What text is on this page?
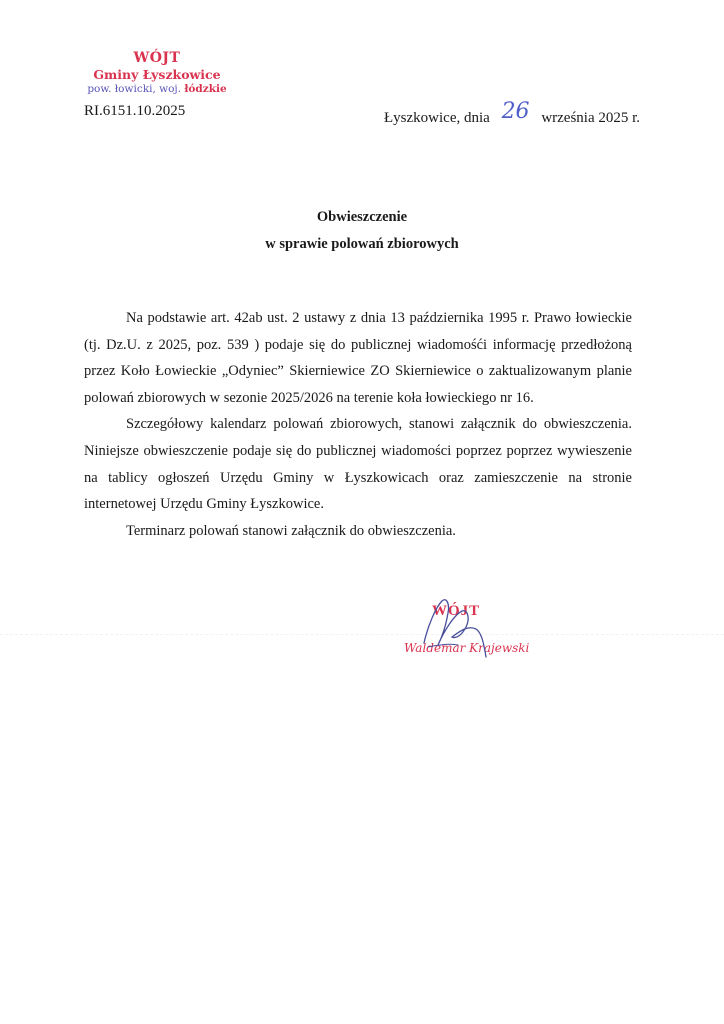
WÓJT
Gminy Łyszkowice
pow. łowicki, woj. łódzkie
RI.6151.10.2025	Łyszkowice, dnia 26 września 2025 r.
Obwieszczenie
w sprawie polowań zbiorowych

Na podstawie art. 42ab ust. 2 ustawy z dnia 13 października 1995 r. Prawo łowieckie (tj. Dz.U. z 2025, poz. 539 ) podaje się do publicznej wiadomośći informację przedłożoną przez Koło Łowieckie „Odyniec” Skierniewice ZO Skierniewice o zaktualizowanym planie polowań zbiorowych w sezonie 2025/2026 na terenie koła łowieckiego nr 16.

Szczegółowy kalendarz polowań zbiorowych, stanowi załącznik do obwieszczenia. Niniejsze obwieszczenie podaje się do publicznej wiadomości poprzez poprzez wywieszenie na tablicy ogłoszeń Urzędu Gminy w Łyszkowicach oraz zamieszczenie na stronie internetowej Urzędu Gminy Łyszkowice.

Terminarz polowań stanowi załącznik do obwieszczenia.

WÓJT
Waldemar Krajewski
